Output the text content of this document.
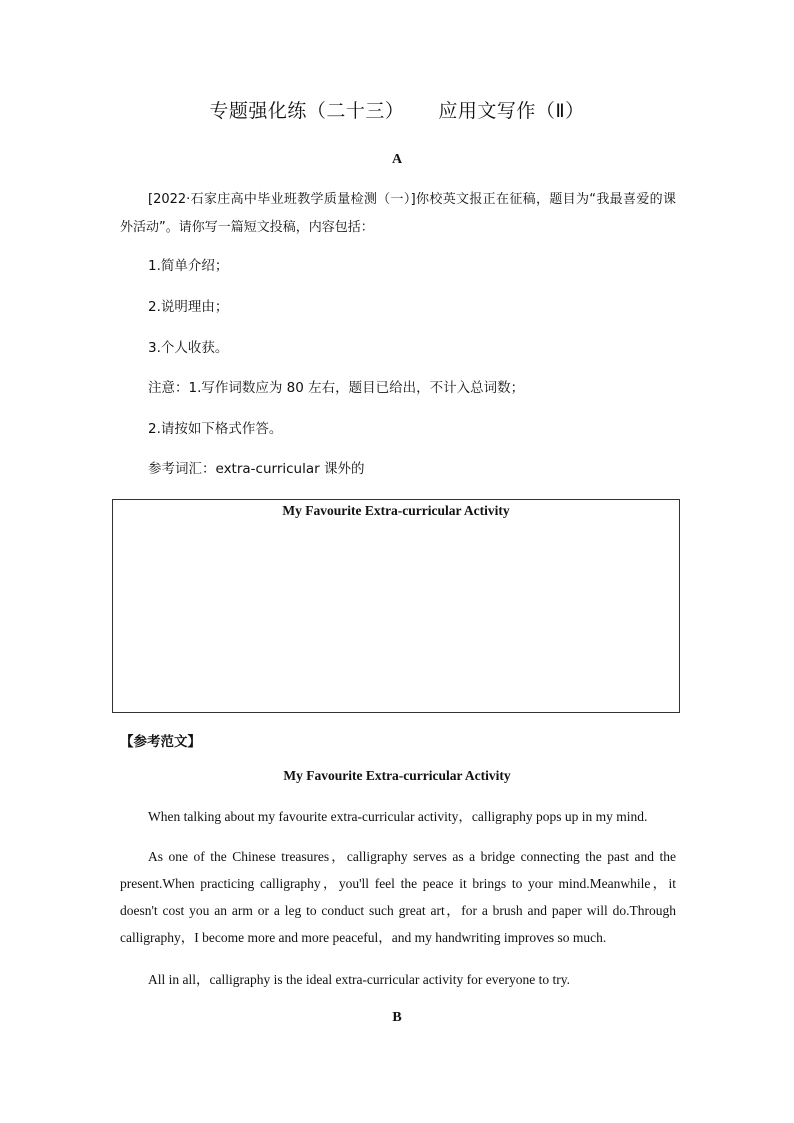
专题强化练（二十三） 应用文写作（Ⅱ）
A
[2022·石家庄高中毕业班教学质量检测（一）]你校英文报正在征稿，题目为“我最喜爱的课外活动”。请你写一篇短文投稿，内容包括：
1.简单介绍；
2.说明理由；
3.个人收获。
注意：1.写作词数应为 80 左右，题目已给出，不计入总词数；
2.请按如下格式作答。
参考词汇：extra-curricular 课外的
My Favourite Extra-curricular Activity
【参考范文】
My Favourite Extra-curricular Activity
When talking about my favourite extra-curricular activity，calligraphy pops up in my mind.
As one of the Chinese treasures，calligraphy serves as a bridge connecting the past and the present.When practicing calligraphy，you'll feel the peace it brings to your mind.Meanwhile，it doesn't cost you an arm or a leg to conduct such great art，for a brush and paper will do.Through calligraphy，I become more and more peaceful，and my handwriting improves so much.
All in all，calligraphy is the ideal extra-curricular activity for everyone to try.
B
